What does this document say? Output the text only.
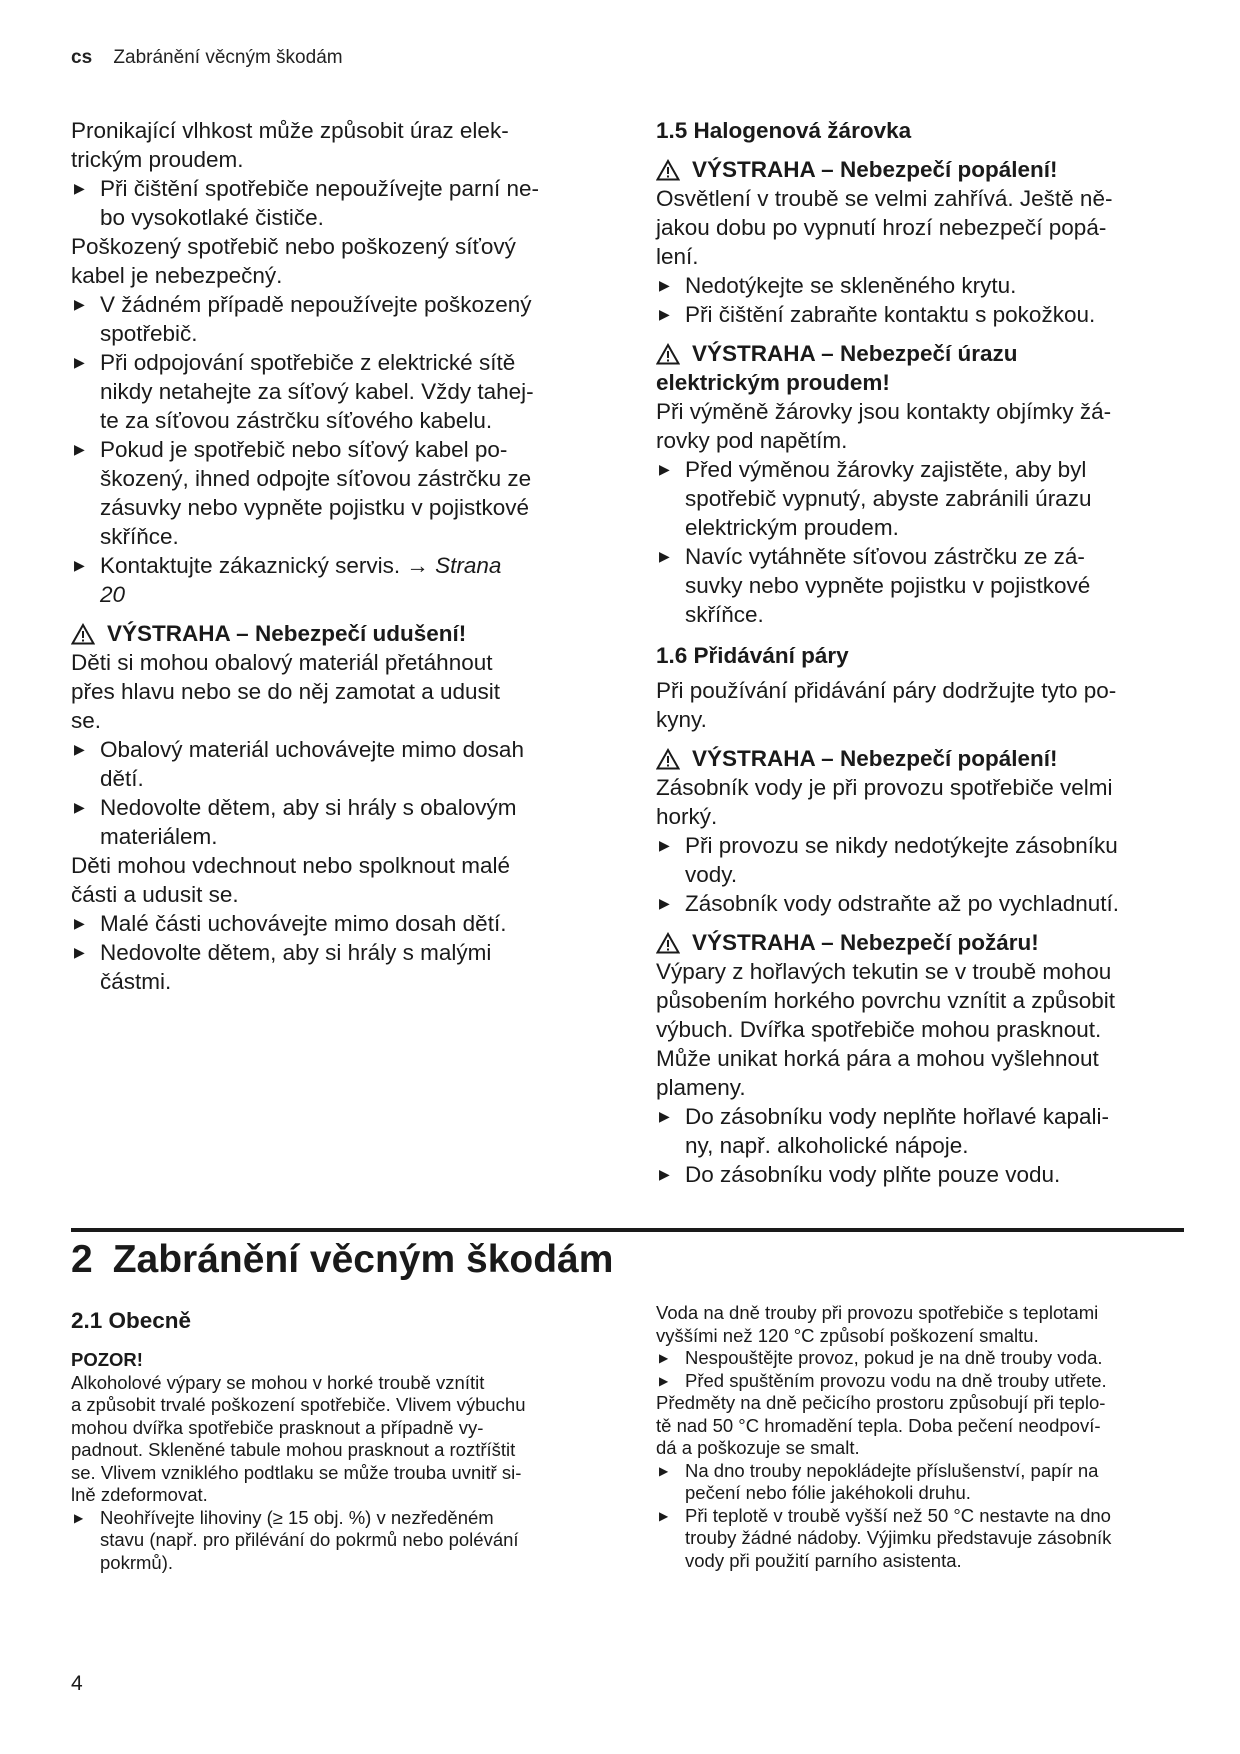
cs Zabránění věcným škodám

Pronikající vlhkost může způsobit úraz elek-
trickým proudem.

▶ Při čištění spotřebiče nepoužívejte parní ne-
bo vysokotlaké čističe.

Poškozený spotřebič nebo poškozený síťový
kabel je nebezpečný.

▶ V žádném případě nepoužívejte poškozený
spotřebič.
▶ Při odpojování spotřebiče z elektrické sítě
nikdy netahejte za síťový kabel. Vždy tahej-
te za síťovou zástrčku síťového kabelu.
▶ Pokud je spotřebič nebo síťový kabel po-
škozený, ihned odpojte síťovou zástrčku ze
zásuvky nebo vypněte pojistku v pojistkové
skříňce.
▶ Kontaktujte zákaznický servis. → Strana
20
VÝSTRAHA – Nebezpečí udušení!

Děti si mohou obalový materiál přetáhnout
přes hlavu nebo se do něj zamotat a udusit
se.

▶ Obalový materiál uchovávejte mimo dosah
dětí.
▶ Nedovolte dětem, aby si hrály s obalovým
materiálem.

Děti mohou vdechnout nebo spolknout malé
části a udusit se.

▶ Malé části uchovávejte mimo dosah dětí.
▶ Nedovolte dětem, aby si hrály s malými
částmi.
1.5 Halogenová žárovka
VÝSTRAHA – Nebezpečí popálení!

Osvětlení v troubě se velmi zahřívá. Ještě ně-
jakou dobu po vypnutí hrozí nebezpečí popá-
lení.

▶ Nedotýkejte se skleněného krytu.
▶ Při čištění zabraňte kontaktu s pokožkou.
VÝSTRAHA – Nebezpečí úrazu
elektrickým proudem!

Při výměně žárovky jsou kontakty objímky žá-
rovky pod napětím.

▶ Před výměnou žárovky zajistěte, aby byl
spotřebič vypnutý, abyste zabránili úrazu
elektrickým proudem.
▶ Navíc vytáhněte síťovou zástrčku ze zá-
suvky nebo vypněte pojistku v pojistkové
skříňce.
1.6 Přidávání páry

Při používání přidávání páry dodržujte tyto po-
kyny.

VÝSTRAHA – Nebezpečí popálení!

Zásobník vody je při provozu spotřebiče velmi
horký.

▶ Při provozu se nikdy nedotýkejte zásobníku
vody.
▶ Zásobník vody odstraňte až po vychladnutí.
VÝSTRAHA – Nebezpečí požáru!

Výpary z hořlavých tekutin se v troubě mohou
působením horkého povrchu vznítit a způsobit
výbuch. Dvířka spotřebiče mohou prasknout.
Může unikat horká pára a mohou vyšlehnout
plameny.

▶ Do zásobníku vody neplňte hořlavé kapali-
ny, např. alkoholické nápoje.
▶ Do zásobníku vody plňte pouze vodu.
2 Zabránění věcným škodám
2.1 Obecně
POZOR!

Alkoholové výpary se mohou v horké troubě vznítit
a způsobit trvalé poškození spotřebiče. Vlivem výbuchu
mohou dvířka spotřebiče prasknout a případně vy-
padnout. Skleněné tabule mohou prasknout a roztříštit
se. Vlivem vzniklého podtlaku se může trouba uvnitř si-
lně zdeformovat.

▶ Neohřívejte lihoviny (≥ 15 obj. %) v nezředěném
stavu (např. pro přilévání do pokrmů nebo polévání
pokrmů).

Voda na dně trouby při provozu spotřebiče s teplotami
vyššími než 120 °C způsobí poškození smaltu.

▶ Nespouštějte provoz, pokud je na dně trouby voda.
▶ Před spuštěním provozu vodu na dně trouby utřete.

Předměty na dně pečicího prostoru způsobují při teplo-
tě nad 50 °C hromadění tepla. Doba pečení neodpoví-
dá a poškozuje se smalt.

▶ Na dno trouby nepokládejte příslušenství, papír na
pečení nebo fólie jakéhokoli druhu.
▶ Při teplotě v troubě vyšší než 50 °C nestavte na dno
trouby žádné nádoby. Výjimku představuje zásobník
vody při použití parního asistenta.
4
